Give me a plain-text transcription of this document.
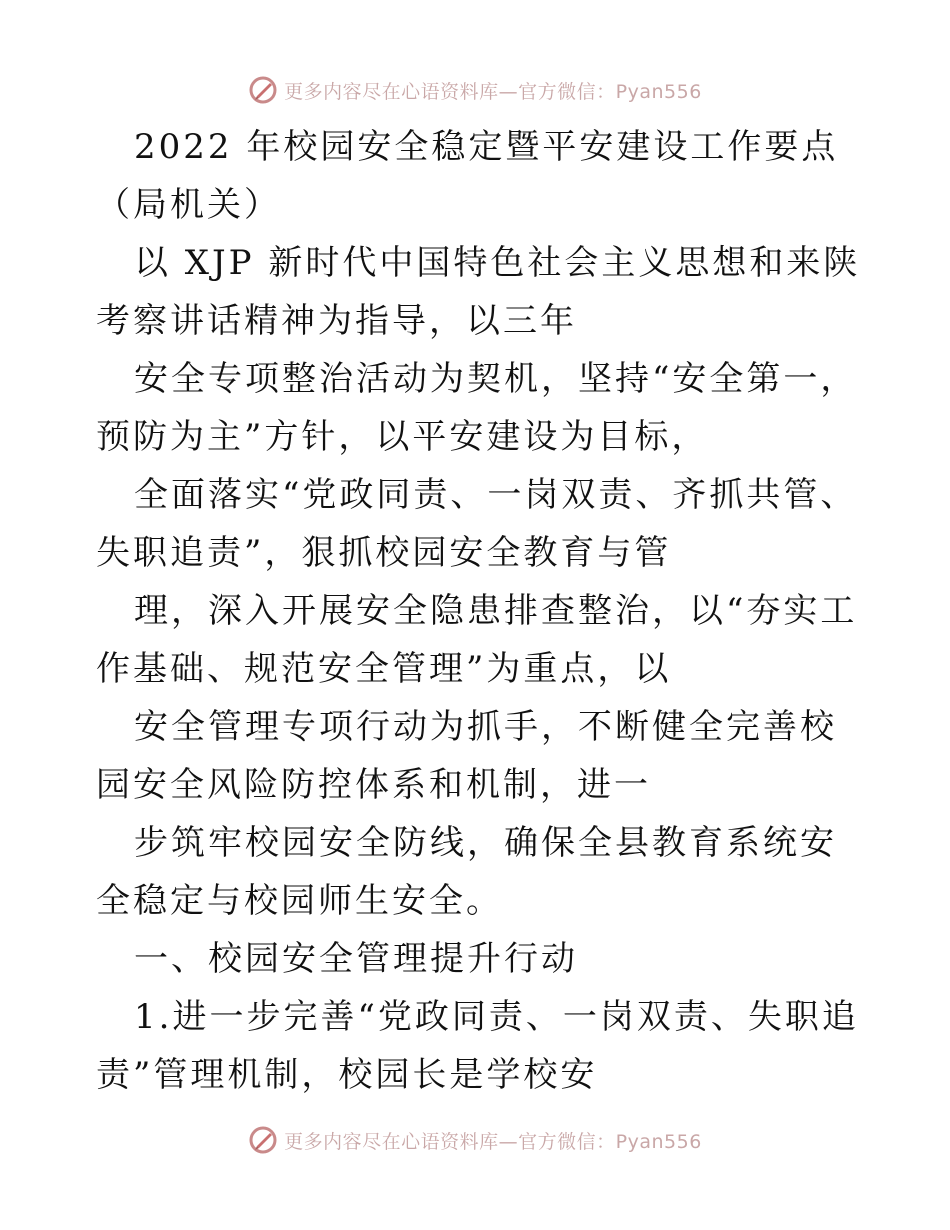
更多内容尽在心语资料库—官方微信：Pyan556

2022 年校园安全稳定暨平安建设工作要点（局机关）

以 XJP 新时代中国特色社会主义思想和来陕考察讲话精神为指导，以三年

安全专项整治活动为契机，坚持“安全第一，预防为主”方针，以平安建设为目标，

全面落实“党政同责、一岗双责、齐抓共管、失职追责”，狠抓校园安全教育与管

理，深入开展安全隐患排查整治，以“夯实工作基础、规范安全管理”为重点，以

安全管理专项行动为抓手，不断健全完善校园安全风险防控体系和机制，进一

步筑牢校园安全防线，确保全县教育系统安全稳定与校园师生安全。

一、校园安全管理提升行动

1.进一步完善“党政同责、一岗双责、失职追责”管理机制，校园长是学校安

更多内容尽在心语资料库—官方微信：Pyan556
